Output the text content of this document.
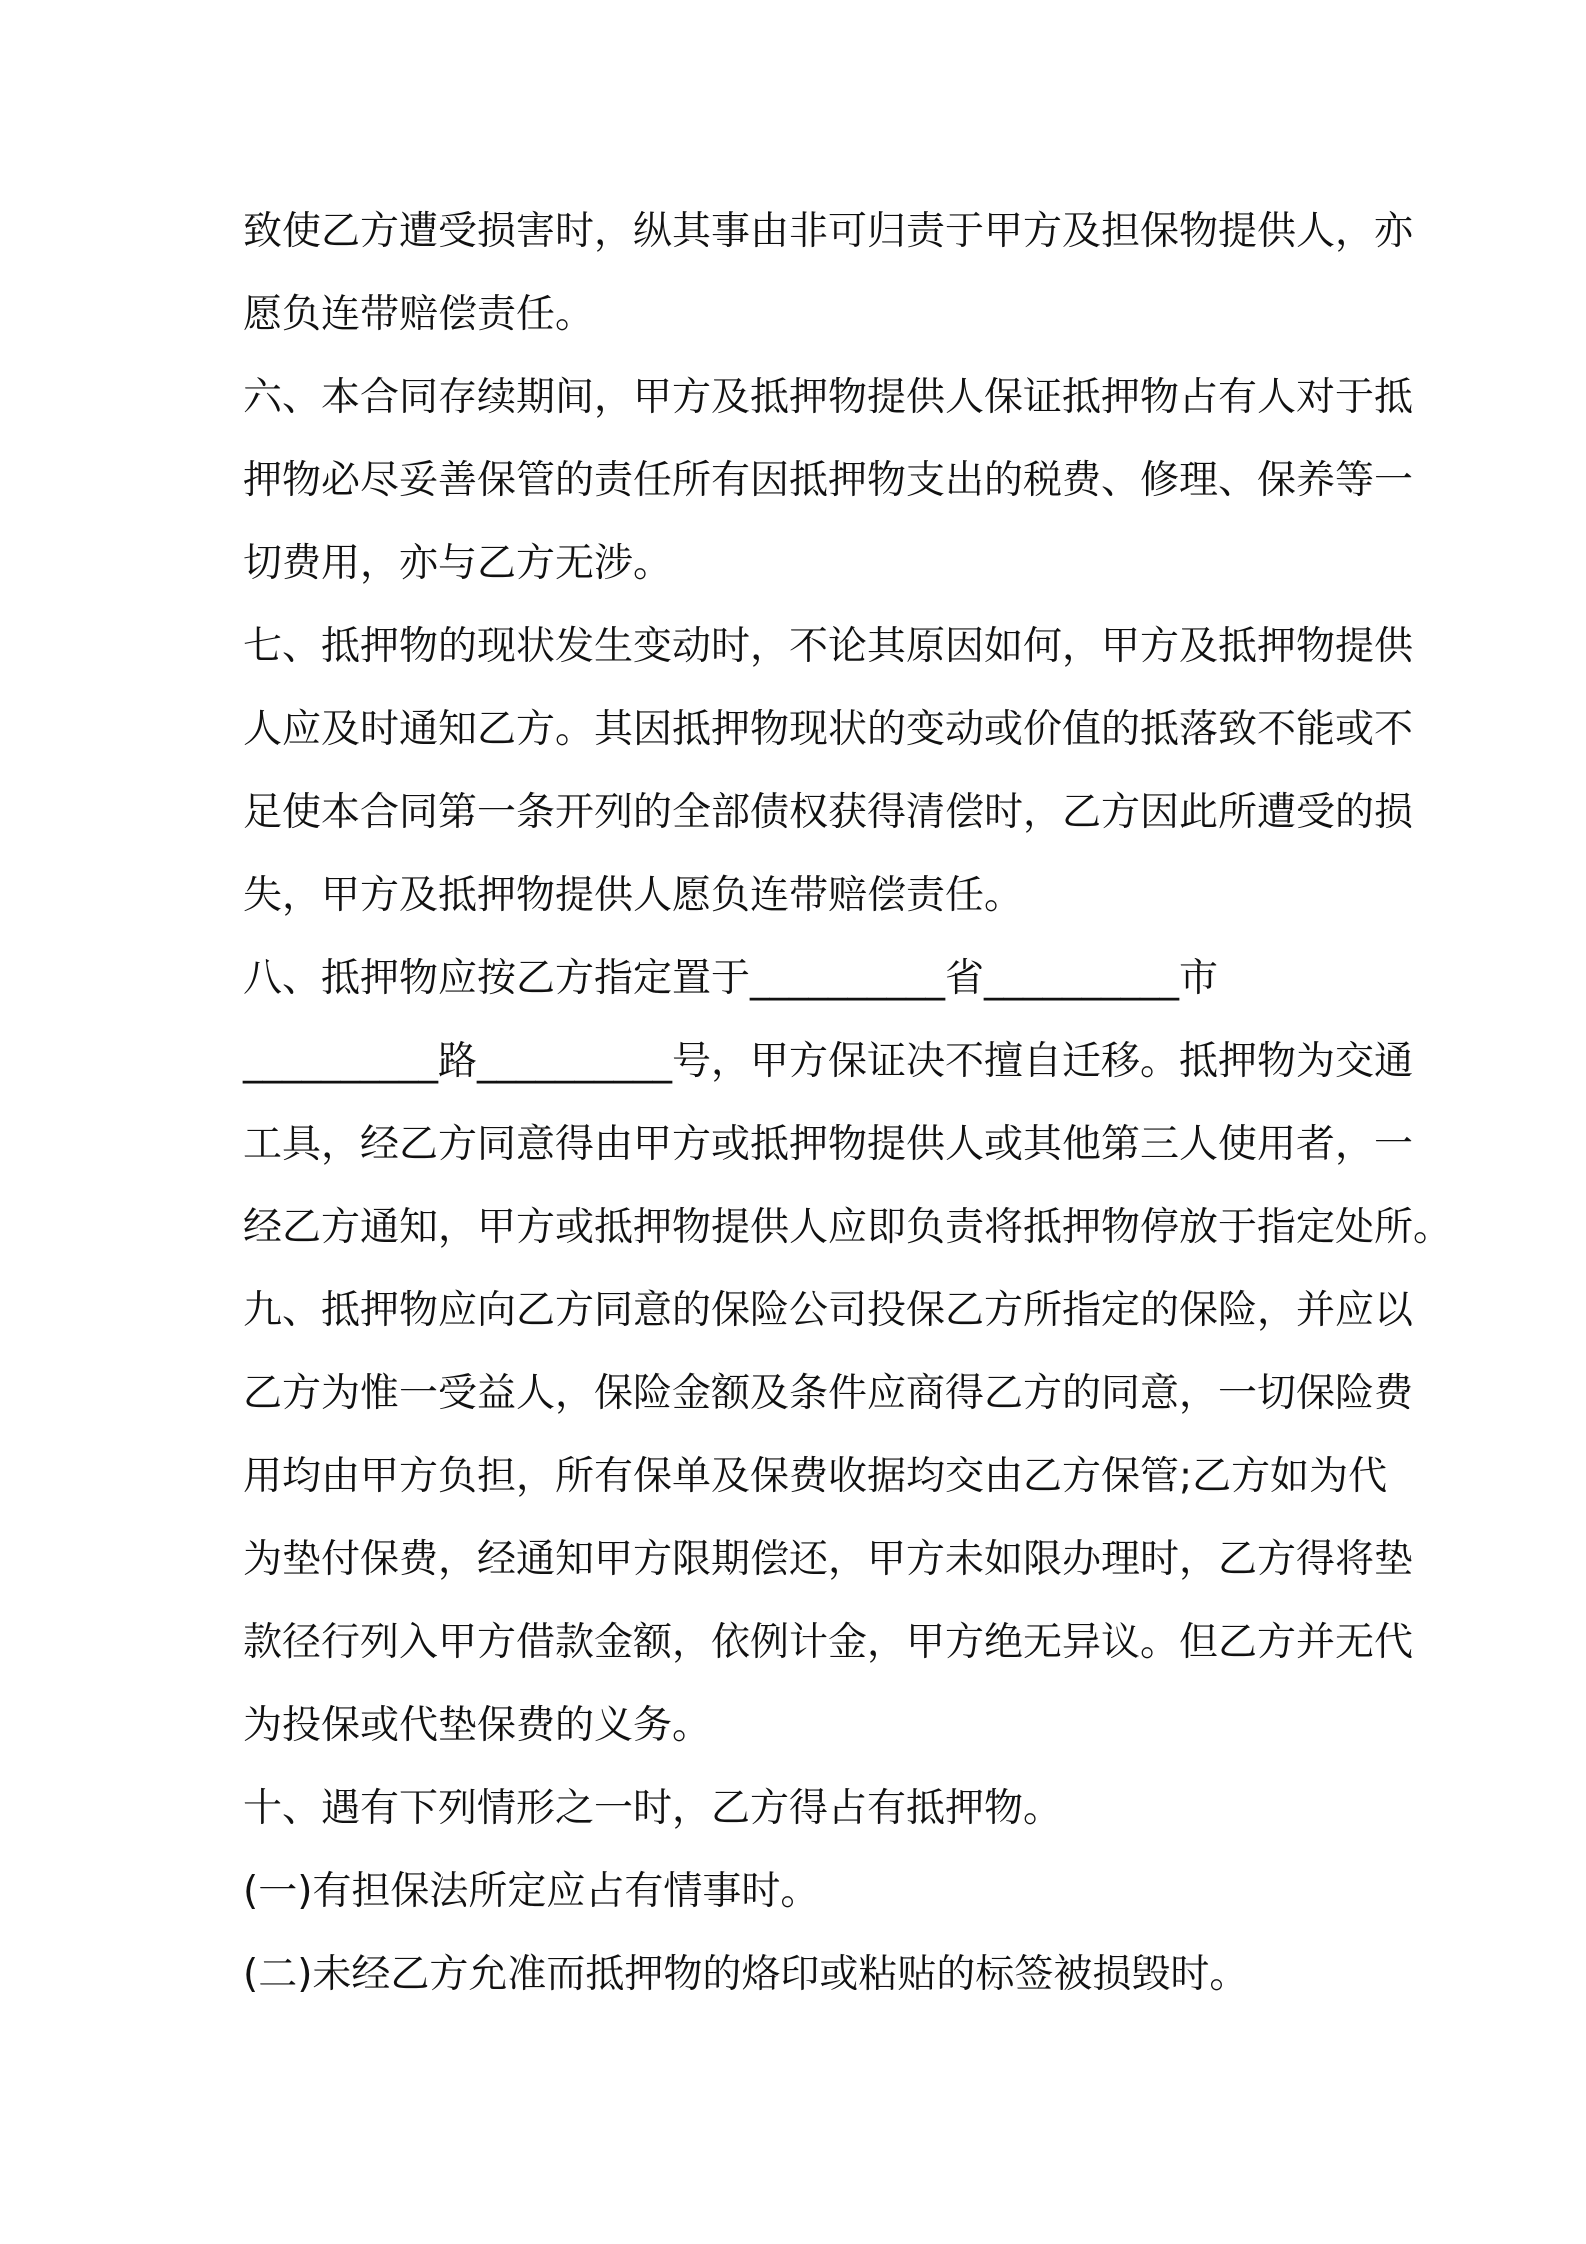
致使乙方遭受损害时，纵其事由非可归责于甲方及担保物提供人，亦
愿负连带赔偿责任。
六、本合同存续期间，甲方及抵押物提供人保证抵押物占有人对于抵
押物必尽妥善保管的责任所有因抵押物支出的税费、修理、保养等一
切费用，亦与乙方无涉。
七、抵押物的现状发生变动时，不论其原因如何，甲方及抵押物提供
人应及时通知乙方。其因抵押物现状的变动或价值的抵落致不能或不
足使本合同第一条开列的全部债权获得清偿时，乙方因此所遭受的损
失，甲方及抵押物提供人愿负连带赔偿责任。
八、抵押物应按乙方指定置于__________省__________市
__________路__________号，甲方保证决不擅自迁移。抵押物为交通
工具，经乙方同意得由甲方或抵押物提供人或其他第三人使用者，一
经乙方通知，甲方或抵押物提供人应即负责将抵押物停放于指定处所。
九、抵押物应向乙方同意的保险公司投保乙方所指定的保险，并应以
乙方为惟一受益人，保险金额及条件应商得乙方的同意，一切保险费
用均由甲方负担，所有保单及保费收据均交由乙方保管;乙方如为代
为垫付保费，经通知甲方限期偿还，甲方未如限办理时，乙方得将垫
款径行列入甲方借款金额，依例计金，甲方绝无异议。但乙方并无代
为投保或代垫保费的义务。
十、遇有下列情形之一时，乙方得占有抵押物。
(一)有担保法所定应占有情事时。
(二)未经乙方允准而抵押物的烙印或粘贴的标签被损毁时。
